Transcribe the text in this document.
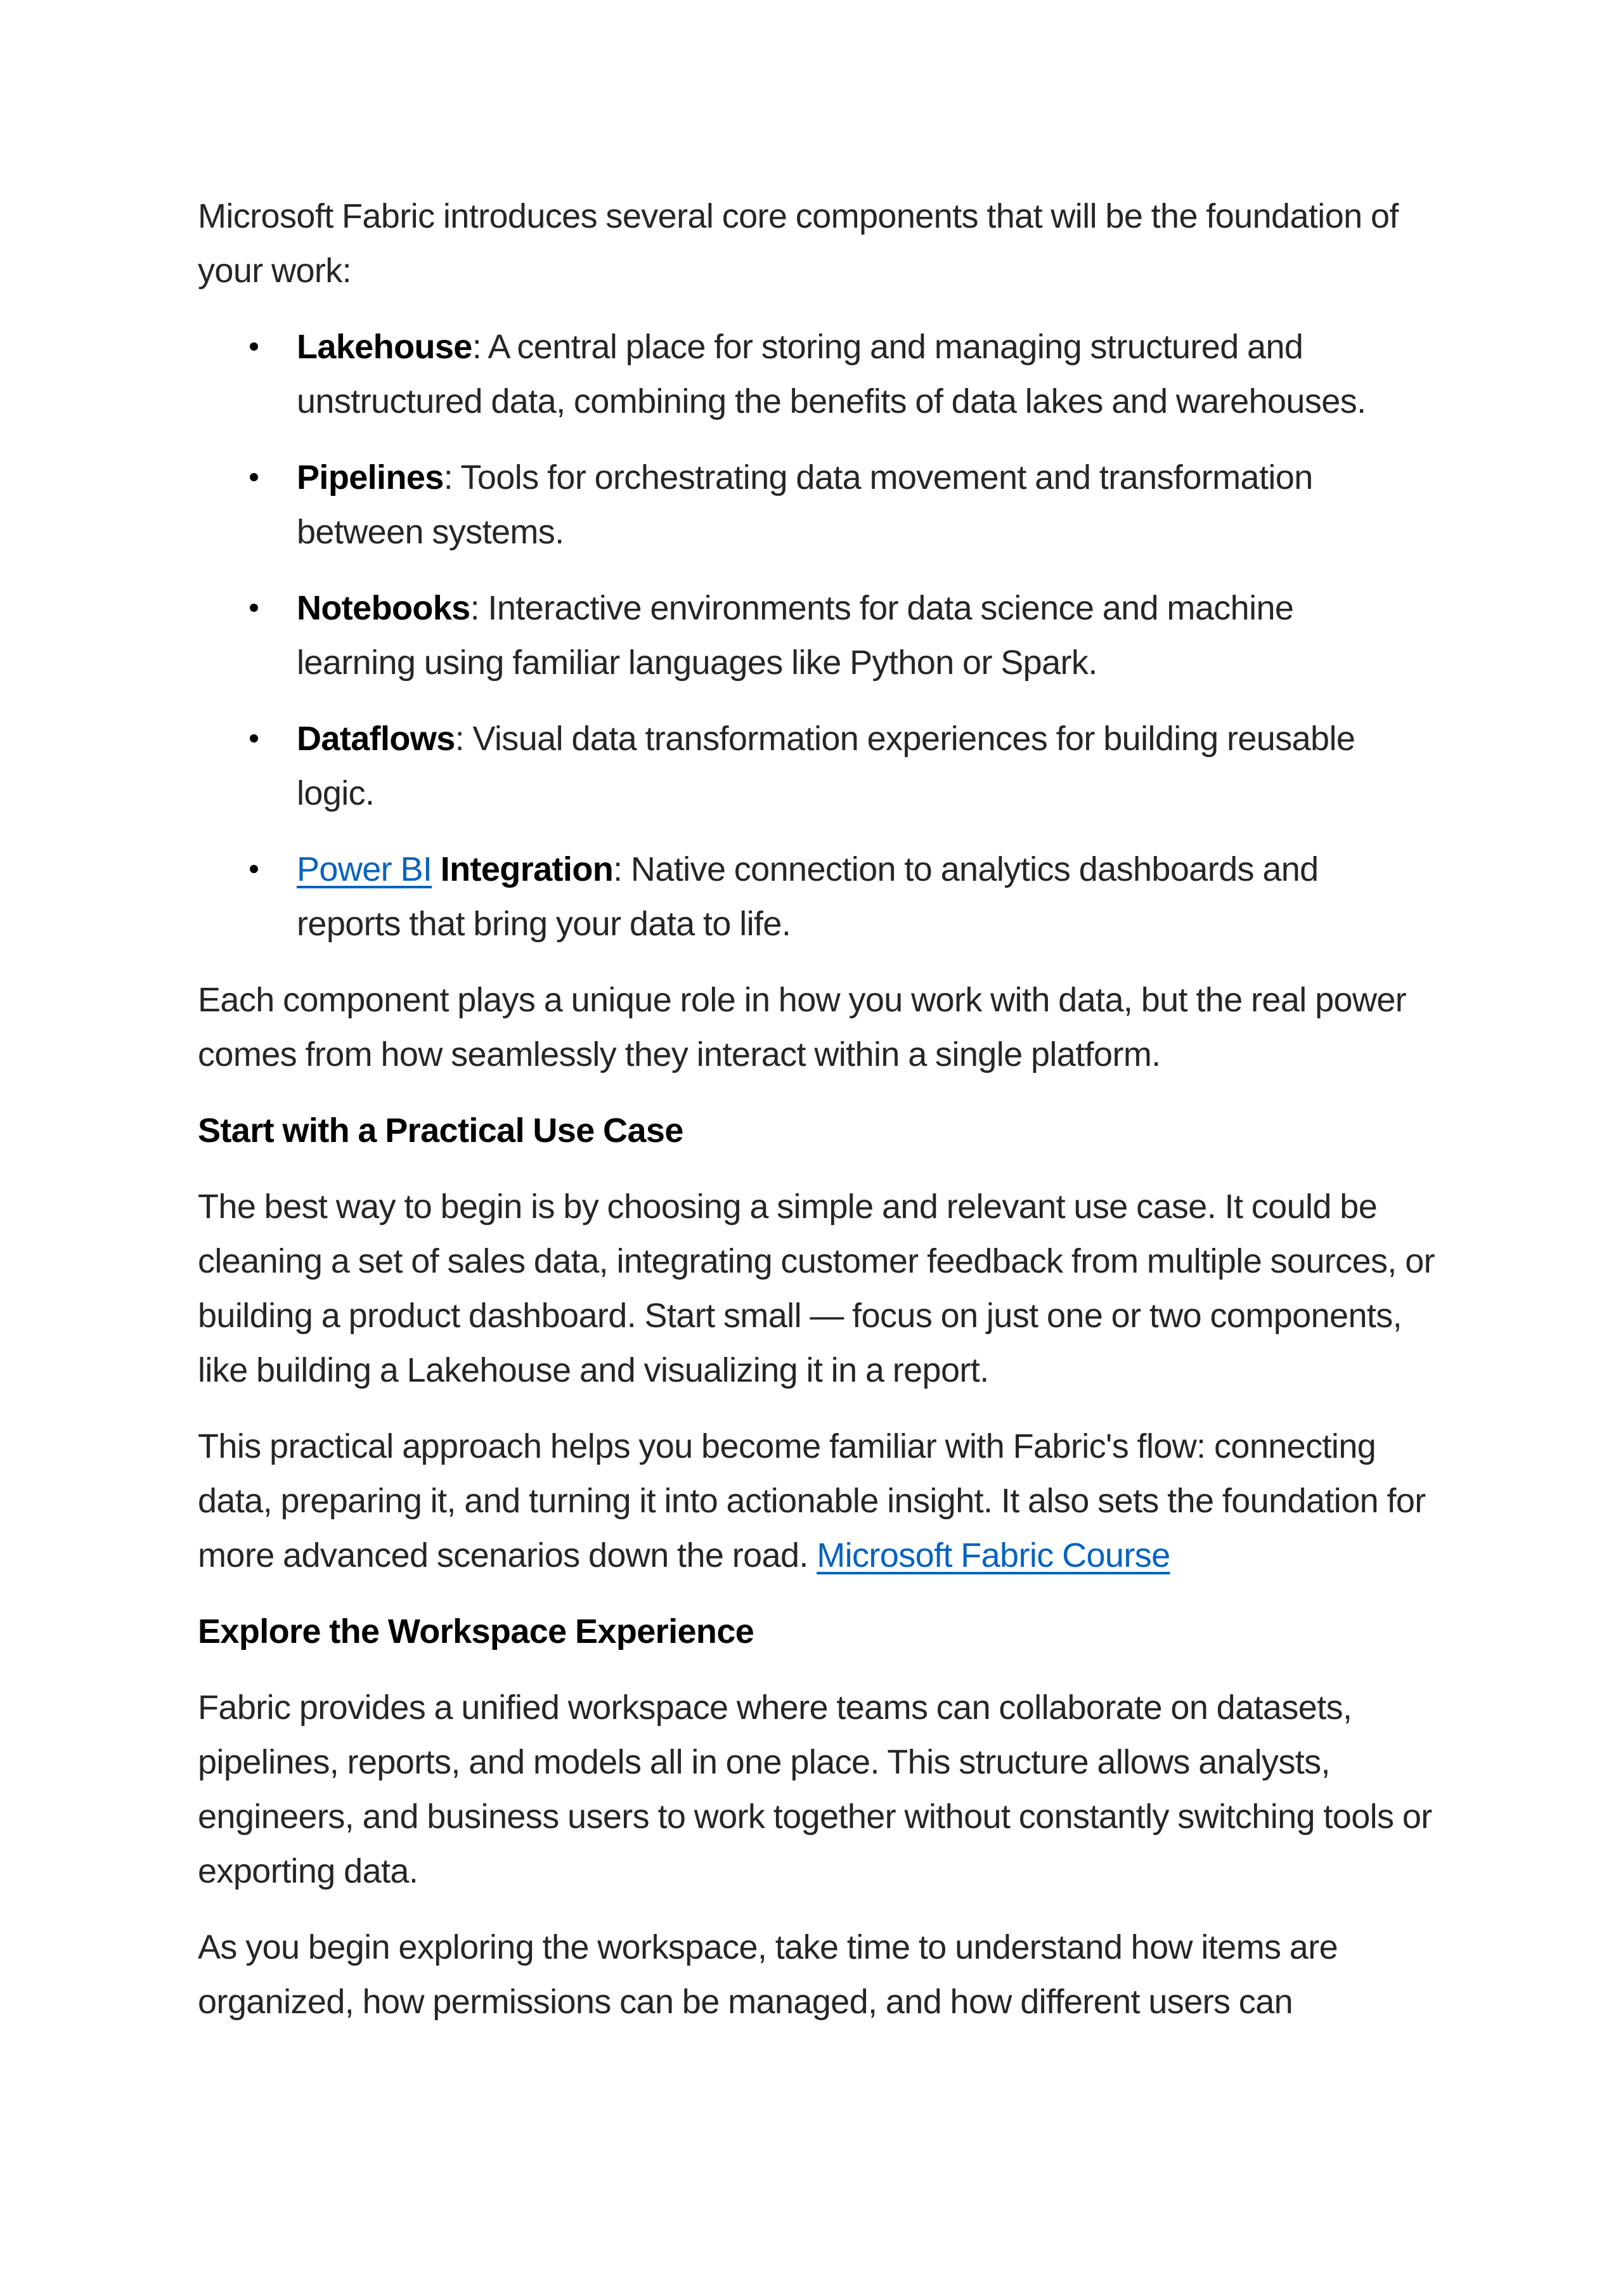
Microsoft Fabric introduces several core components that will be the foundation of your work:

Lakehouse: A central place for storing and managing structured and unstructured data, combining the benefits of data lakes and warehouses.
Pipelines: Tools for orchestrating data movement and transformation between systems.
Notebooks: Interactive environments for data science and machine learning using familiar languages like Python or Spark.
Dataflows: Visual data transformation experiences for building reusable logic.
Power BI Integration: Native connection to analytics dashboards and reports that bring your data to life.

Each component plays a unique role in how you work with data, but the real power comes from how seamlessly they interact within a single platform.

Start with a Practical Use Case

The best way to begin is by choosing a simple and relevant use case. It could be cleaning a set of sales data, integrating customer feedback from multiple sources, or building a product dashboard. Start small — focus on just one or two components, like building a Lakehouse and visualizing it in a report.

This practical approach helps you become familiar with Fabric's flow: connecting data, preparing it, and turning it into actionable insight. It also sets the foundation for more advanced scenarios down the road. Microsoft Fabric Course

Explore the Workspace Experience

Fabric provides a unified workspace where teams can collaborate on datasets, pipelines, reports, and models all in one place. This structure allows analysts, engineers, and business users to work together without constantly switching tools or exporting data.

As you begin exploring the workspace, take time to understand how items are organized, how permissions can be managed, and how different users can
